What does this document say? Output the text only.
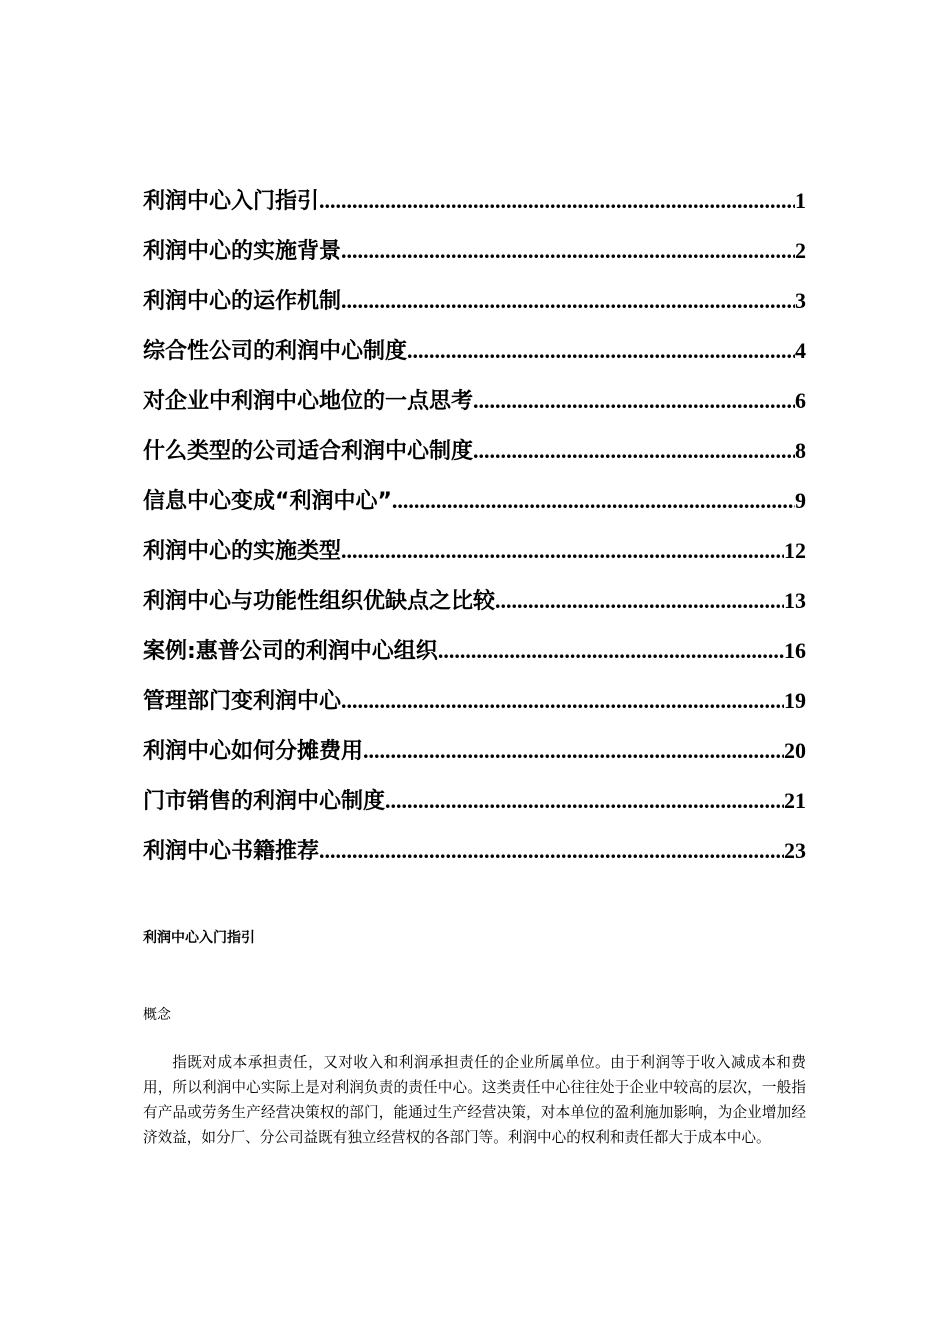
利润中心入门指引 .....	1
利润中心的实施背景 .....	2
利润中心的运作机制 .....	3
综合性公司的利润中心制度 .....	4
对企业中利润中心地位的一点思考 .....	6
什么类型的公司适合利润中心制度 .....	8
信息中心变成“利润中心” .....	9
利润中心的实施类型 .....	12
利润中心与功能性组织优缺点之比较 .....	13
案例:惠普公司的利润中心组织 .....	16
管理部门变利润中心 .....	19
利润中心如何分摊费用 .....	20
门市销售的利润中心制度 .....	21
利润中心书籍推荐 .....	23
利润中心入门指引

概念

指既对成本承担责任，又对收入和利润承担责任的企业所属单位。由于利润等于收入减成本和费用，所以利润中心实际上是对利润负责的责任中心。这类责任中心往往处于企业中较高的层次，一般指有产品或劳务生产经营决策权的部门，能通过生产经营决策，对本单位的盈利施加影响，为企业增加经济效益，如分厂、分公司益既有独立经营权的各部门等。利润中心的权利和责任都大于成本中心。
